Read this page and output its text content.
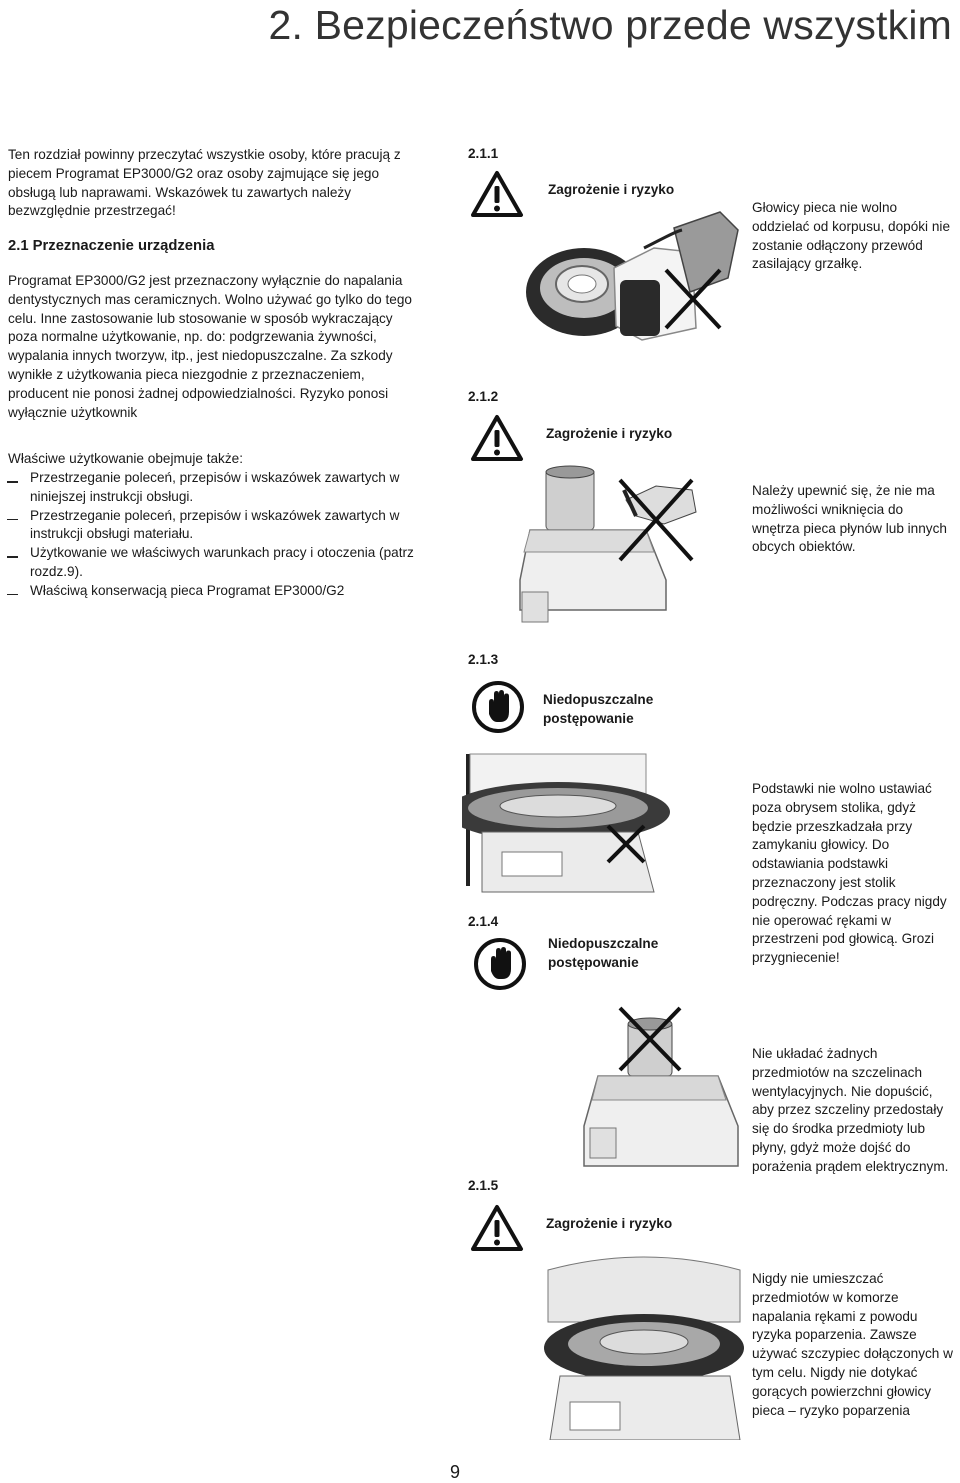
2. Bezpieczeństwo przede wszystkim
Ten rozdział powinny przeczytać wszystkie osoby, które pracują z piecem Programat EP3000/G2 oraz osoby zajmujące się jego obsługą lub naprawami. Wskazówek tu zawartych należy bezwzględnie przestrzegać!
2.1 Przeznaczenie urządzenia
Programat EP3000/G2 jest przeznaczony wyłącznie do napalania dentystycznych mas ceramicznych. Wolno używać go tylko do tego celu. Inne zastosowanie lub stosowanie w sposób wykraczający poza normalne użytkowanie, np. do: podgrzewania żywności, wypalania innych tworzyw, itp., jest niedopuszczalne. Za szkody wynikłe z użytkowania pieca niezgodnie z przeznaczeniem, producent nie ponosi żadnej odpowiedzialności. Ryzyko ponosi wyłącznie użytkownik
Właściwe użytkowanie obejmuje także:
Przestrzeganie poleceń, przepisów i wskazówek zawartych w niniejszej instrukcji obsługi.
Przestrzeganie poleceń, przepisów i wskazówek zawartych w instrukcji obsługi materiału.
Użytkowanie we właściwych warunkach pracy i otoczenia (patrz rozdz.9).
Właściwą konserwacją pieca Programat EP3000/G2
2.1.1
Zagrożenie i ryzyko
Głowicy pieca nie wolno oddzielać od korpusu, dopóki nie zostanie odłączony przewód zasilający grzałkę.
2.1.2
Zagrożenie i ryzyko
Należy upewnić się, że nie ma możliwości wniknięcia do wnętrza pieca płynów lub innych obcych obiektów.
2.1.3
Niedopuszczalne postępowanie
Podstawki nie wolno ustawiać poza obrysem stolika, gdyż będzie przeszkadzała przy zamykaniu głowicy. Do odstawiania podstawki przeznaczony jest stolik podręczny. Podczas pracy nigdy nie operować rękami w przestrzeni pod głowicą. Grozi przygniecenie!
2.1.4
Niedopuszczalne postępowanie
Nie układać żadnych przedmiotów na szczelinach wentylacyjnych. Nie dopuścić, aby przez szczeliny przedostały się do środka przedmioty lub płyny, gdyż może dojść do porażenia prądem elektrycznym.
2.1.5
Zagrożenie i ryzyko
Nigdy nie umieszczać przedmiotów w komorze napalania rękami z powodu ryzyka poparzenia. Zawsze używać szczypiec dołączonych w tym celu. Nigdy nie dotykać gorących powierzchni głowicy pieca – ryzyko poparzenia
9
